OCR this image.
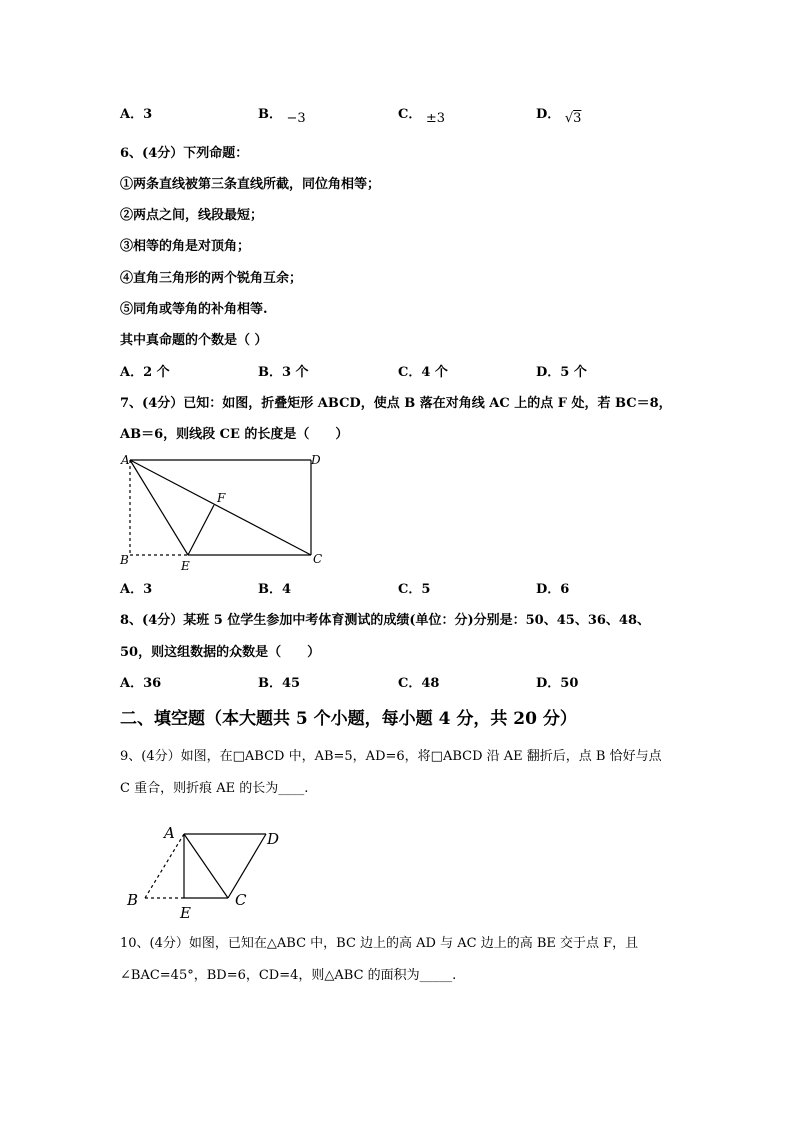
A．3	B． −3	C． ±3	D． √3
6、(4分）下列命题：
①两条直线被第三条直线所截，同位角相等；
②两点之间，线段最短；
③相等的角是对顶角；
④直角三角形的两个锐角互余；
⑤同角或等角的补角相等.
其中真命题的个数是（ ）
A．2 个	B．3 个	C．4 个	D．5 个
7、(4分）已知：如图，折叠矩形 ABCD，使点 B 落在对角线 AC 上的点 F 处，若 BC＝8，
AB＝6，则线段 CE 的长度是（　　）
A	D
F
B	E	C
A．3	B．4	C．5	D．6
8、(4分）某班 5 位学生参加中考体育测试的成绩(单位：分)分别是：50、45、36、48、
50，则这组数据的众数是（　　）
A．36	B．45	C．48	D．50
二、填空题（本大题共 5 个小题，每小题 4 分，共 20 分）
9、(4分）如图，在□ABCD 中，AB=5，AD=6，将□ABCD 沿 AE 翻折后，点 B 恰好与点
C 重合，则折痕 AE 的长为____.
A	D
B
E
C
10、(4分）如图，已知在△ABC 中，BC 边上的高 AD 与 AC 边上的高 BE 交于点 F，且
∠BAC=45°，BD=6，CD=4，则△ABC 的面积为_____.
